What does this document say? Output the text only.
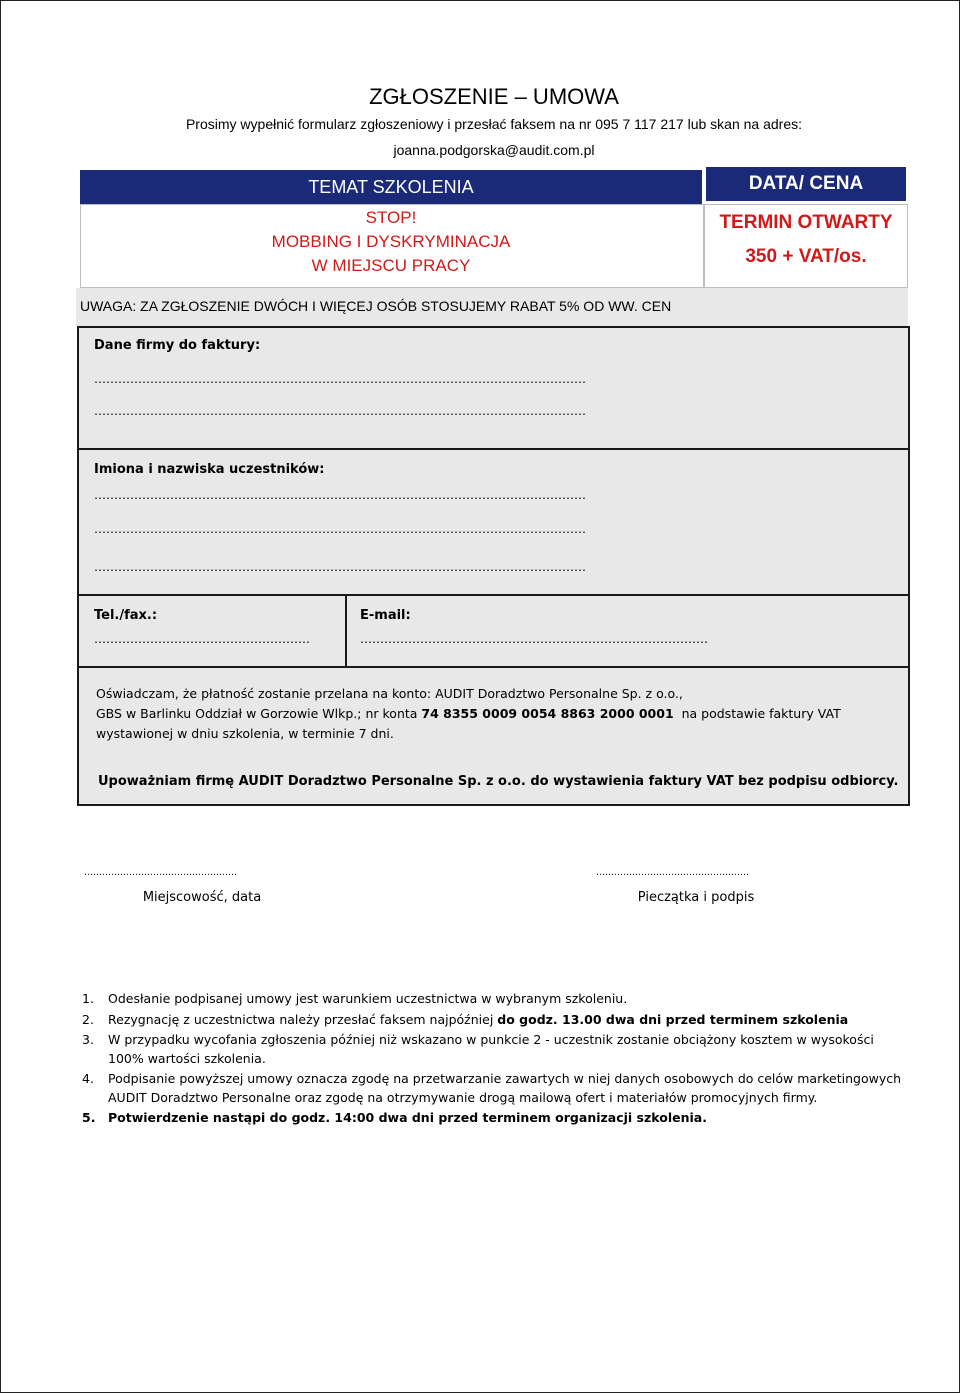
ZGŁOSZENIE – UMOWA
Prosimy wypełnić formularz zgłoszeniowy i przesłać faksem na nr 095 7 117 217 lub skan na adres:
joanna.podgorska@audit.com.pl
TEMAT SZKOLENIA	DATA/ CENA
STOP!
MOBBING I DYSKRYMINACJA
W MIEJSCU PRACY
TERMIN OTWARTY
350 + VAT/os.
UWAGA: ZA ZGŁOSZENIE DWÓCH I WIĘCEJ OSÓB STOSUJEMY RABAT 5% OD WW. CEN
Dane firmy do faktury:
……………………………………………………………………………………………………………
……………………………………………………………………………………………………………
Imiona i nazwiska uczestników:
……………………………………………………………………………………………………………
……………………………………………………………………………………………………………
……………………………………………………………………………………………………………
Tel./fax.:
………………………………………………
E-mail:
……………………………………………………………………………
Oświadczam, że płatność zostanie przelana na konto: AUDIT Doradztwo Personalne Sp. z o.o.,
GBS w Barlinku Oddział w Gorzowie Wlkp.; nr konta 74 8355 0009 0054 8863 2000 0001  na podstawie faktury VAT
wystawionej w dniu szkolenia, w terminie 7 dni.
Upoważniam firmę AUDIT Doradztwo Personalne Sp. z o.o. do wystawienia faktury VAT bez podpisu odbiorcy.
……………………………………………	……………………………………………
Miejscowość, data	Pieczątka i podpis
1.	Odesłanie podpisanej umowy jest warunkiem uczestnictwa w wybranym szkoleniu.
2.	Rezygnację z uczestnictwa należy przesłać faksem najpóźniej do godz. 13.00 dwa dni przed terminem szkolenia
3.	W przypadku wycofania zgłoszenia później niż wskazano w punkcie 2 - uczestnik zostanie obciążony kosztem w wysokości 100% wartości szkolenia.
4.	Podpisanie powyższej umowy oznacza zgodę na przetwarzanie zawartych w niej danych osobowych do celów marketingowych AUDIT Doradztwo Personalne oraz zgodę na otrzymywanie drogą mailową ofert i materiałów promocyjnych firmy.
5.	Potwierdzenie nastąpi do godz. 14:00 dwa dni przed terminem organizacji szkolenia.
